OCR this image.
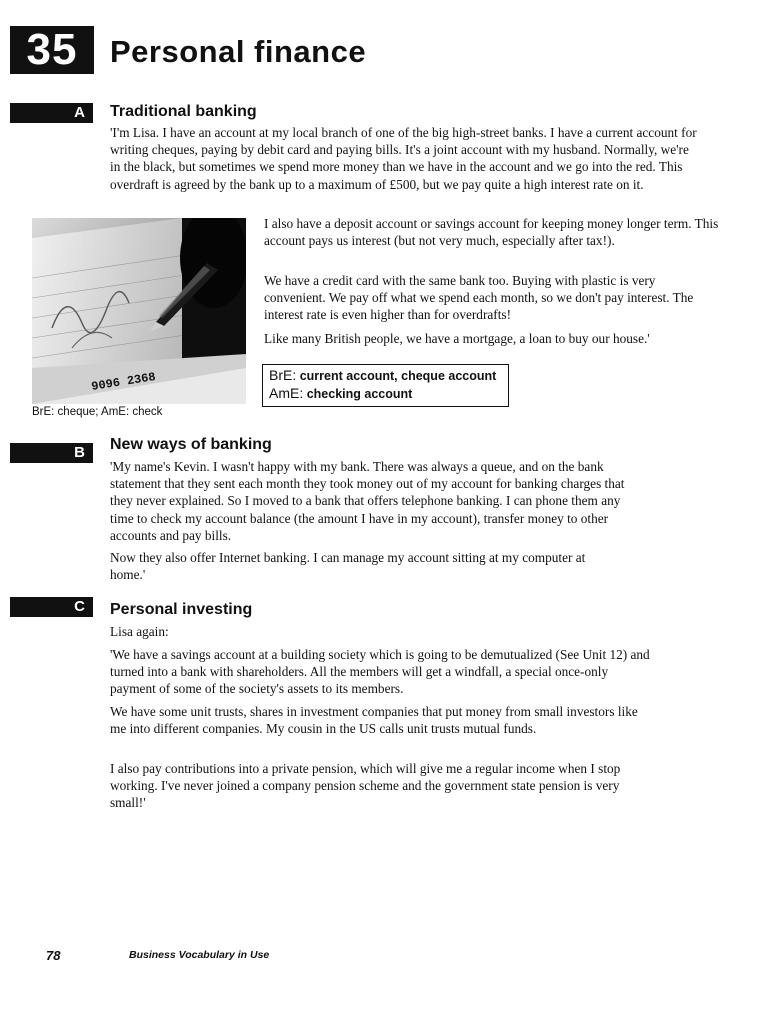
35	Personal finance
A	Traditional banking

'I'm Lisa. I have an account at my local branch of one of the big high-street banks. I have a current account for writing cheques, paying by debit card and paying bills. It's a joint account with my husband. Normally, we're in the black, but sometimes we spend more money than we have in the account and we go into the red. This overdraft is agreed by the bank up to a maximum of £500, but we pay quite a high interest rate on it.

9096 2368
BrE: cheque; AmE: check

I also have a deposit account or savings account for keeping money longer term. This account pays us interest (but not very much, especially after tax!).

We have a credit card with the same bank too. Buying with plastic is very convenient. We pay off what we spend each month, so we don't pay interest. The interest rate is even higher than for overdrafts!

Like many British people, we have a mortgage, a loan to buy our house.'

BrE: current account, cheque account
AmE: checking account
B	New ways of banking

'My name's Kevin. I wasn't happy with my bank. There was always a queue, and on the bank statement that they sent each month they took money out of my account for banking charges that they never explained. So I moved to a bank that offers telephone banking. I can phone them any time to check my account balance (the amount I have in my account), transfer money to other accounts and pay bills.

Now they also offer Internet banking. I can manage my account sitting at my computer at home.'

C	Personal investing

Lisa again:

'We have a savings account at a building society which is going to be demutualized (See Unit 12) and turned into a bank with shareholders. All the members will get a windfall, a special once-only payment of some of the society's assets to its members.

We have some unit trusts, shares in investment companies that put money from small investors like me into different companies. My cousin in the US calls unit trusts mutual funds.

I also pay contributions into a private pension, which will give me a regular income when I stop working. I've never joined a company pension scheme and the government state pension is very small!'

78	Business Vocabulary in Use
